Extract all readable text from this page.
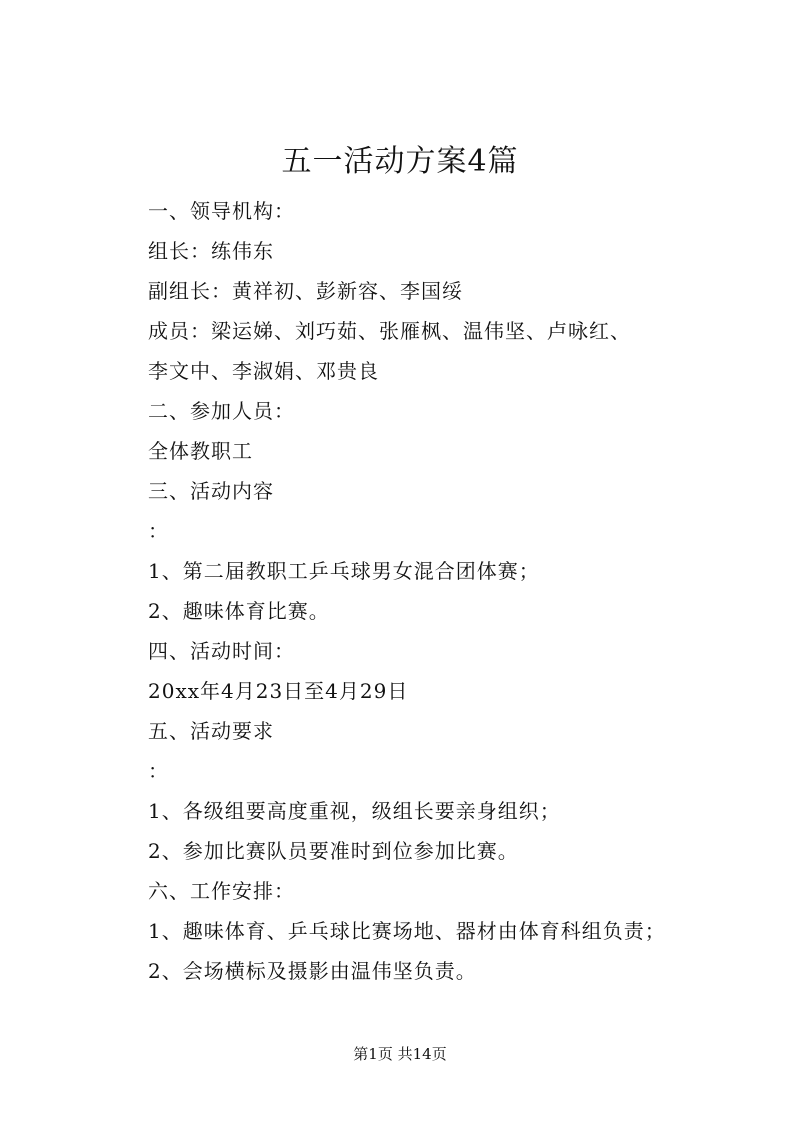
五一活动方案4篇
一、领导机构：
组长：练伟东
副组长：黄祥初、彭新容、李国绥
成员：梁运娣、刘巧茹、张雁枫、温伟坚、卢咏红、
李文中、李淑娟、邓贵良
二、参加人员：
全体教职工
三、活动内容
：
1、第二届教职工乒乓球男女混合团体赛；
2、趣味体育比赛。
四、活动时间：
20xx年4月23日至4月29日
五、活动要求
：
1、各级组要高度重视，级组长要亲身组织；
2、参加比赛队员要准时到位参加比赛。
六、工作安排：
1、趣味体育、乒乓球比赛场地、器材由体育科组负责；
2、会场横标及摄影由温伟坚负责。
第1页 共14页
